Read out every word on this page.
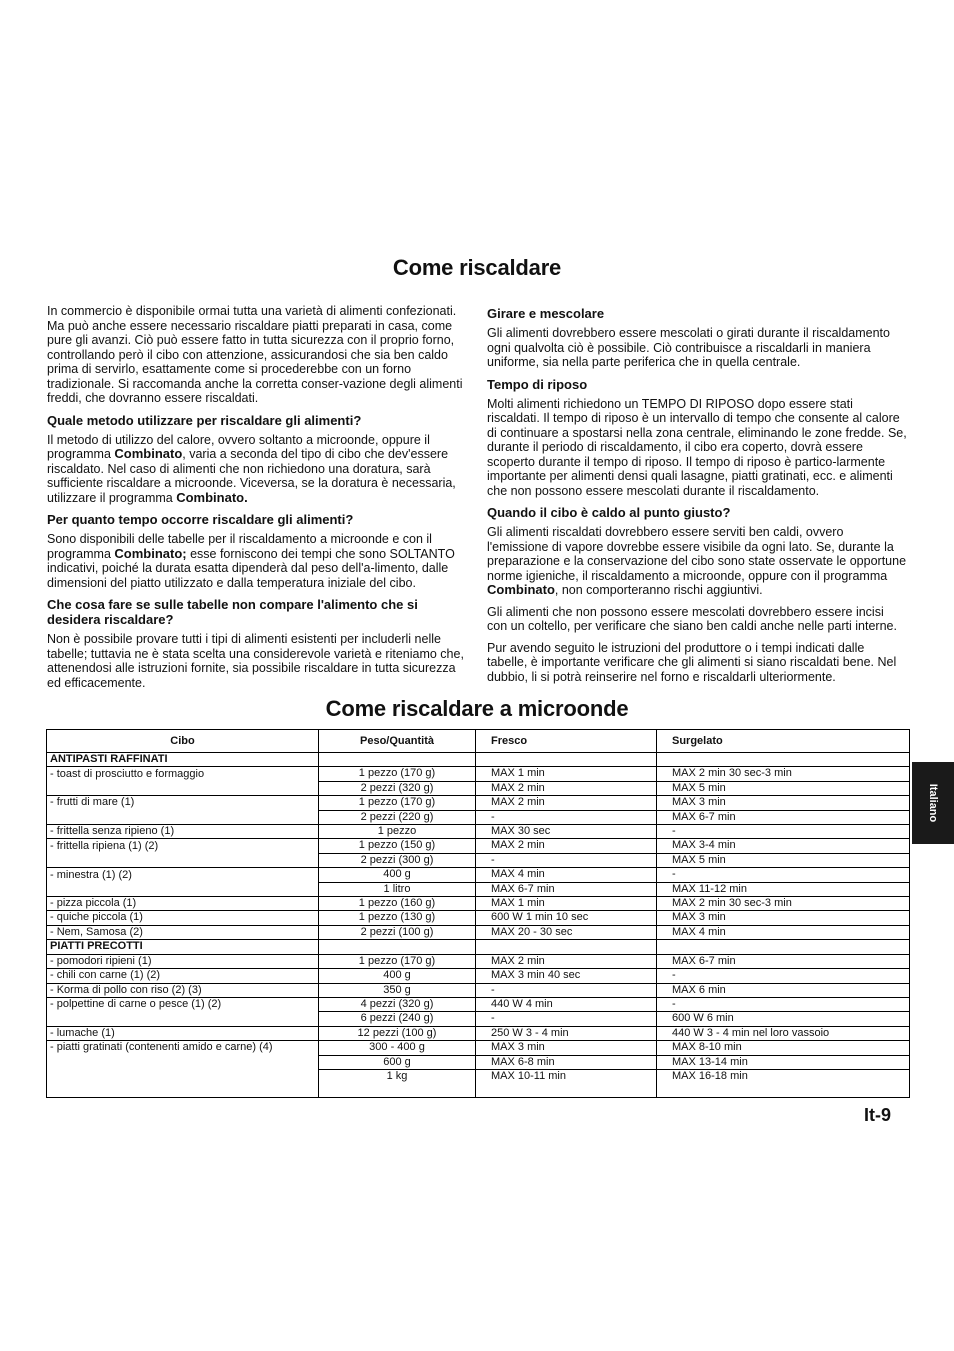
Come riscaldare

In commercio è disponibile ormai tutta una varietà di alimenti confezionati. Ma può anche essere necessario riscaldare piatti preparati in casa, come pure gli avanzi. Ciò può essere fatto in tutta sicurezza con il proprio forno, controllando però il cibo con attenzione, assicurandosi che sia ben caldo prima di servirlo, esattamente come si procederebbe con un forno tradizionale. Si raccomanda anche la corretta conser-vazione degli alimenti freddi, che dovranno essere riscaldati.

Quale metodo utilizzare per riscaldare gli alimenti?

Il metodo di utilizzo del calore, ovvero soltanto a microonde, oppure il programma Combinato, varia a seconda del tipo di cibo che dev'essere riscaldato. Nel caso di alimenti che non richiedono una doratura, sarà sufficiente riscaldare a microonde. Viceversa, se la doratura è necessaria, utilizzare il programma Combinato.

Per quanto tempo occorre riscaldare gli alimenti?

Sono disponibili delle tabelle per il riscaldamento a microonde e con il programma Combinato; esse forniscono dei tempi che sono SOLTANTO indicativi, poiché la durata esatta dipenderà dal peso dell'a-limento, dalle dimensioni del piatto utilizzato e dalla temperatura iniziale del cibo.

Che cosa fare se sulle tabelle non compare l'alimento che si desidera riscaldare?

Non è possibile provare tutti i tipi di alimenti esistenti per includerli nelle tabelle; tuttavia ne è stata scelta una considerevole varietà e riteniamo che, attenendosi alle istruzioni fornite, sia possibile riscaldare in tutta sicurezza ed efficacemente.

Girare e mescolare

Gli alimenti dovrebbero essere mescolati o girati durante il riscaldamento ogni qualvolta ciò è possibile. Ciò contribuisce a riscaldarli in maniera uniforme, sia nella parte periferica che in quella centrale.

Tempo di riposo

Molti alimenti richiedono un TEMPO DI RIPOSO dopo essere stati riscaldati. Il tempo di riposo è un intervallo di tempo che consente al calore di continuare a spostarsi nella zona centrale, eliminando le zone fredde. Se, durante il periodo di riscaldamento, il cibo era coperto, dovrà essere scoperto durante il tempo di riposo. Il tempo di riposo è partico-larmente importante per alimenti densi quali lasagne, piatti gratinati, ecc. e alimenti che non possono essere mescolati durante il riscaldamento.

Quando il cibo è caldo al punto giusto?

Gli alimenti riscaldati dovrebbero essere serviti ben caldi, ovvero l'emissione di vapore dovrebbe essere visibile da ogni lato. Se, durante la preparazione e la conservazione del cibo sono state osservate le opportune norme igieniche, il riscaldamento a microonde, oppure con il programma Combinato, non comporteranno rischi aggiuntivi.

Gli alimenti che non possono essere mescolati dovrebbero essere incisi con un coltello, per verificare che siano ben caldi anche nelle parti interne.

Pur avendo seguito le istruzioni del produttore o i tempi indicati dalle tabelle, è importante verificare che gli alimenti si siano riscaldati bene. Nel dubbio, li si potrà reinserire nel forno e riscaldarli ulteriormente.

Come riscaldare a microonde
Cibo	Peso/Quantità	Fresco	Surgelato
ANTIPASTI RAFFINATI			
- toast di prosciutto e formaggio	1 pezzo (170 g)	MAX 1 min	MAX 2 min 30 sec-3 min
	2 pezzi (320 g)	MAX 2 min	MAX 5 min
- frutti di mare (1)	1 pezzo (170 g)	MAX 2 min	MAX 3 min
	2 pezzi (220 g)	-	MAX 6-7 min
- frittella senza ripieno (1)	1 pezzo	MAX 30 sec	-
- frittella ripiena (1) (2)	1 pezzo (150 g)	MAX 2 min	MAX 3-4 min
	2 pezzi (300 g)	-	MAX 5 min
- minestra (1) (2)	400 g	MAX 4 min	-
	1 litro	MAX 6-7 min	MAX 11-12 min
- pizza piccola (1)	1 pezzo (160 g)	MAX 1 min	MAX 2 min 30 sec-3 min
- quiche piccola (1)	1 pezzo (130 g)	600 W 1 min 10 sec	MAX 3 min
- Nem, Samosa (2)	2 pezzi (100 g)	MAX 20 - 30 sec	MAX 4 min
PIATTI PRECOTTI			
- pomodori ripieni (1)	1 pezzo (170 g)	MAX 2 min	MAX 6-7 min
- chili con carne (1) (2)	400 g	MAX 3 min 40 sec	-
- Korma di pollo con riso (2) (3)	350 g	-	MAX 6 min
- polpettine di carne o pesce (1) (2)	4 pezzi (320 g)	440 W 4 min	-
	6 pezzi (240 g)	-	600 W 6 min
- lumache (1)	12 pezzi (100 g)	250 W 3 - 4 min	440 W 3 - 4 min nel loro vassoio
- piatti gratinati (contenenti amido e carne) (4)	300 - 400 g	MAX 3 min	MAX 8-10 min
	600 g	MAX 6-8 min	MAX 13-14 min
	1 kg	MAX 10-11 min	MAX 16-18 min
Italiano
It-9
